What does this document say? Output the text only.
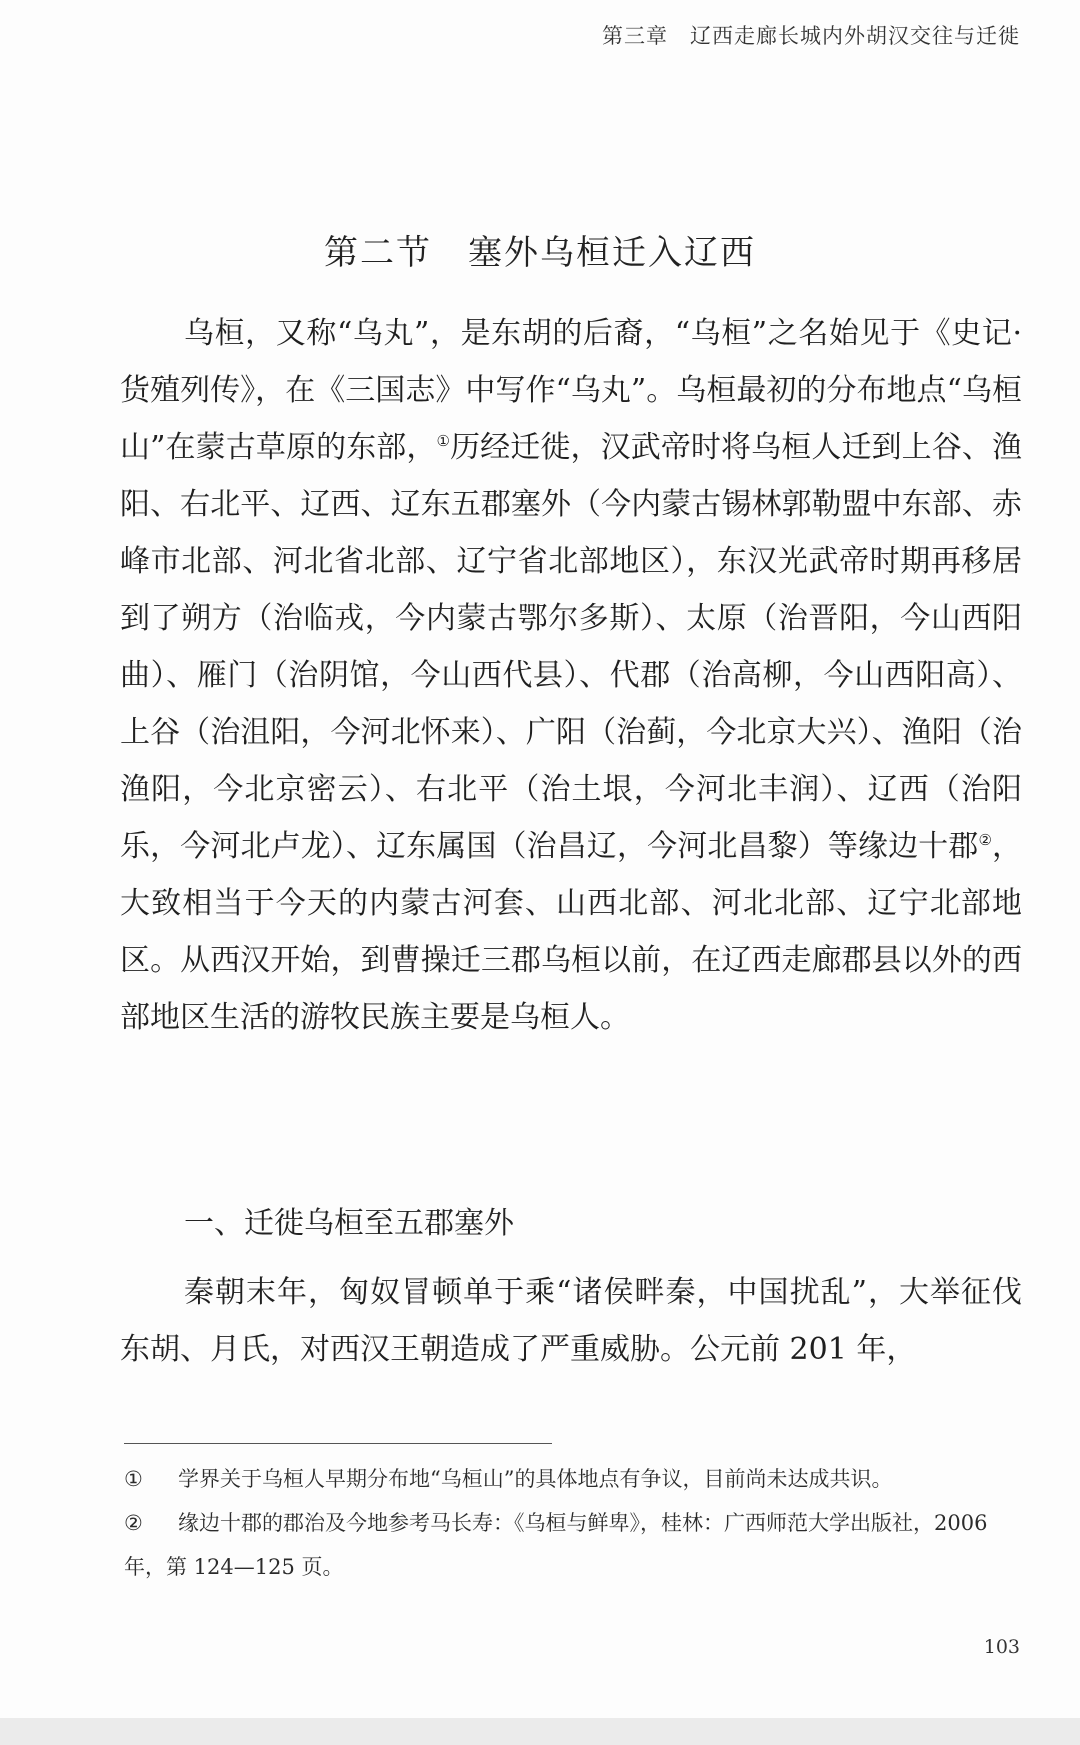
第三章　辽西走廊长城内外胡汉交往与迁徙
第二节　塞外乌桓迁入辽西

乌桓，又称“乌丸”，是东胡的后裔，“乌桓”之名始见于《史记·货殖列传》，在《三国志》中写作“乌丸”。乌桓最初的分布地点“乌桓山”在蒙古草原的东部，①历经迁徙，汉武帝时将乌桓人迁到上谷、渔阳、右北平、辽西、辽东五郡塞外（今内蒙古锡林郭勒盟中东部、赤峰市北部、河北省北部、辽宁省北部地区），东汉光武帝时期再移居到了朔方（治临戎，今内蒙古鄂尔多斯）、太原（治晋阳，今山西阳曲）、雁门（治阴馆，今山西代县）、代郡（治高柳，今山西阳高）、上谷（治沮阳，今河北怀来）、广阳（治蓟，今北京大兴）、渔阳（治渔阳，今北京密云）、右北平（治土垠，今河北丰润）、辽西（治阳乐，今河北卢龙）、辽东属国（治昌辽，今河北昌黎）等缘边十郡②，大致相当于今天的内蒙古河套、山西北部、河北北部、辽宁北部地区。从西汉开始，到曹操迁三郡乌桓以前，在辽西走廊郡县以外的西部地区生活的游牧民族主要是乌桓人。

一、迁徙乌桓至五郡塞外

秦朝末年，匈奴冒顿单于乘“诸侯畔秦，中国扰乱”，大举征伐东胡、月氏，对西汉王朝造成了严重威胁。公元前 201 年，

① 学界关于乌桓人早期分布地“乌桓山”的具体地点有争议，目前尚未达成共识。
② 缘边十郡的郡治及今地参考马长寿：《乌桓与鲜卑》，桂林：广西师范大学出版社，2006 年，第 124—125 页。
103
